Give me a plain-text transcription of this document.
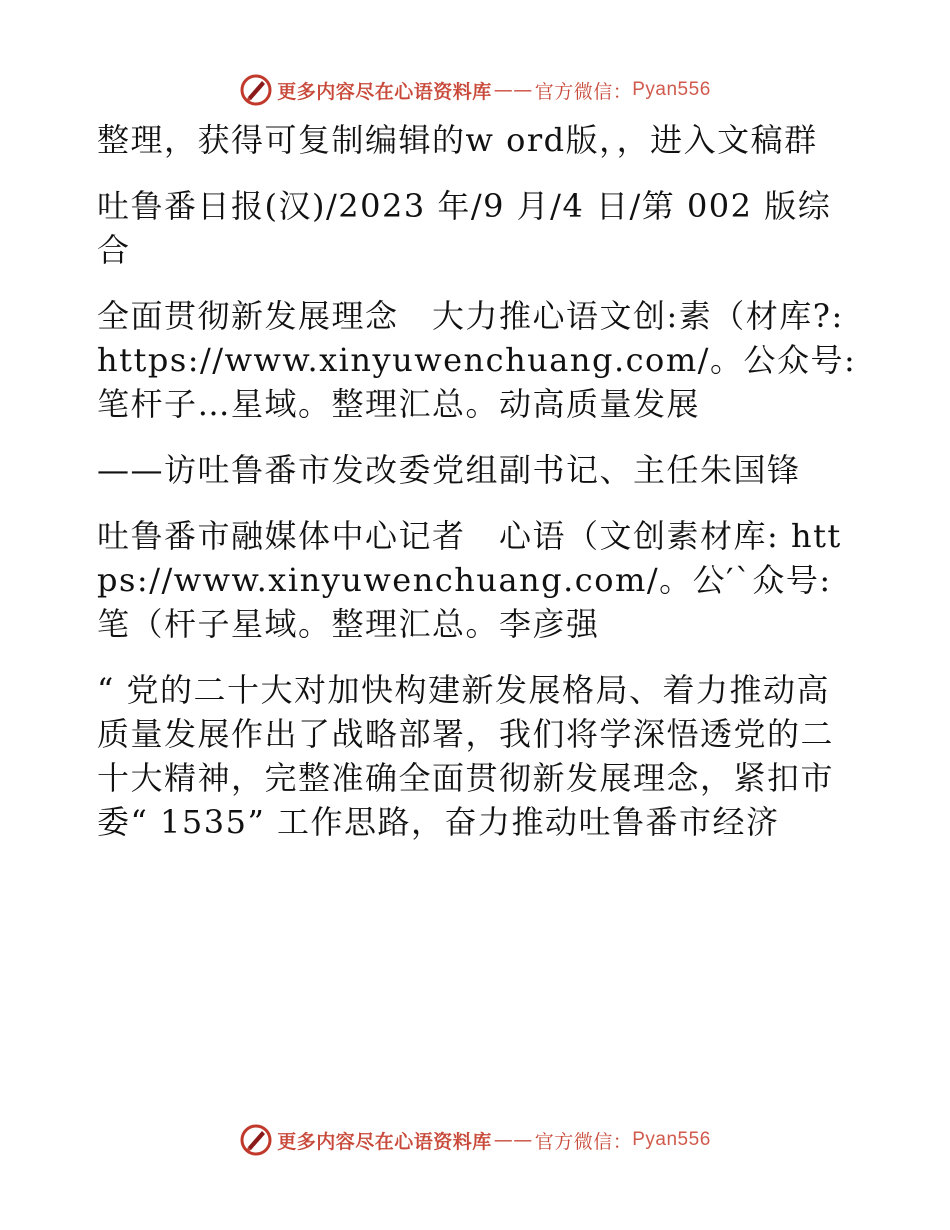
更多内容尽在心语资料库 —— 官方微信： Pyan556

整理，获得可复制编辑的w ord版，，进入文稿群

吐鲁番日报(汉)/2023 年/9 月/4 日/第 002 版综合

全面贯彻新发展理念　大力推心语文创:素（材库?: https://www.xinyuwenchuang.com/。公众号: 笔杆子…星域。整理汇总。动高质量发展

——访吐鲁番市发改委党组副书记、主任朱国锋

吐鲁番市融媒体中心记者　心语（文创素材库: https://www.xinyuwenchuang.com/。公′`众号: 笔（杆子星域。整理汇总。李彦强

“ 党的二十大对加快构建新发展格局、着力推动高质量发展作出了战略部署，我们将学深悟透党的二十大精神，完整准确全面贯彻新发展理念，紧扣市委“ 1535” 工作思路，奋力推动吐鲁番市经济

更多内容尽在心语资料库 —— 官方微信： Pyan556
